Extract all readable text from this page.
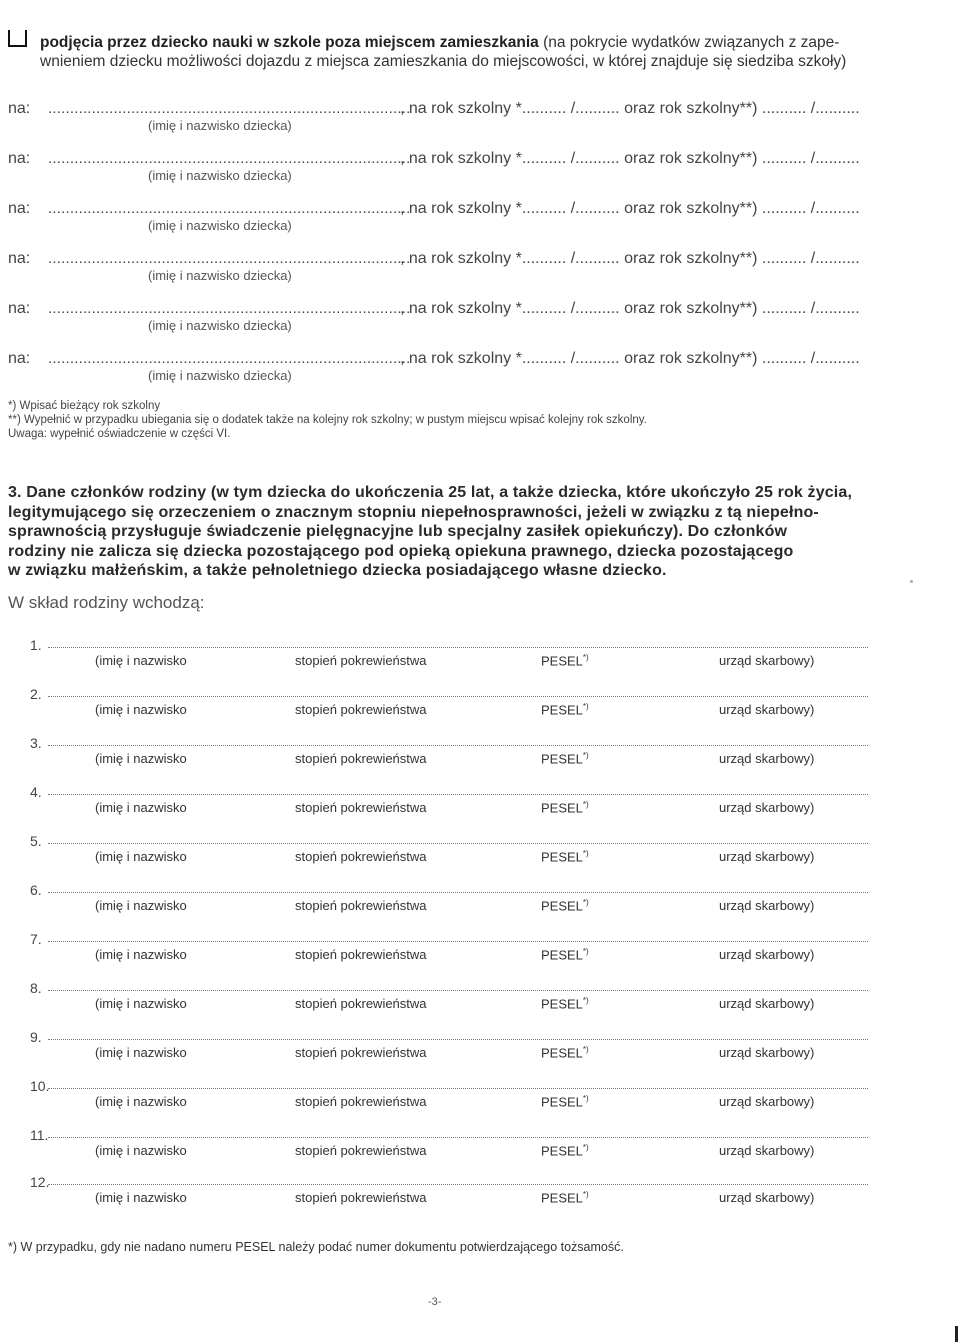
podjęcia przez dziecko nauki w szkole poza miejscem zamieszkania (na pokrycie wydatków związanych z zape-
wnieniem dziecku możliwości dojazdu z miejsca zamieszkania do miejscowości, w której znajduje się siedziba szkoły)
na: ...................................................................................
, na rok szkolny *.......... /.......... oraz rok szkolny**) .......... /..........
(imię i nazwisko dziecka)
na: ...................................................................................
, na rok szkolny *.......... /.......... oraz rok szkolny**) .......... /..........
(imię i nazwisko dziecka)
na: ...................................................................................
, na rok szkolny *.......... /.......... oraz rok szkolny**) .......... /..........
(imię i nazwisko dziecka)
na: ...................................................................................
, na rok szkolny *.......... /.......... oraz rok szkolny**) .......... /..........
(imię i nazwisko dziecka)
na: ...................................................................................
, na rok szkolny *.......... /.......... oraz rok szkolny**) .......... /..........
(imię i nazwisko dziecka)
na: ...................................................................................
, na rok szkolny *.......... /.......... oraz rok szkolny**) .......... /..........
(imię i nazwisko dziecka)
*) Wpisać bieżący rok szkolny
**) Wypełnić w przypadku ubiegania się o dodatek także na kolejny rok szkolny; w pustym miejscu wpisać kolejny rok szkolny.
Uwaga: wypełnić oświadczenie w części VI.
3. Dane członków rodziny (w tym dziecka do ukończenia 25 lat, a także dziecka, które ukończyło 25 rok życia,
legitymującego się orzeczeniem o znacznym stopniu niepełnosprawności, jeżeli w związku z tą niepełno-
sprawnością przysługuje świadczenie pielęgnacyjne lub specjalny zasiłek opiekuńczy). Do członków
rodziny nie zalicza się dziecka pozostającego pod opieką opiekuna prawnego, dziecka pozostającego
w związku małżeńskim, a także pełnoletniego dziecka posiadającego własne dziecko.
W skład rodziny wchodzą:
1.
(imię i nazwisko	stopień pokrewieństwa	PESEL*)	urząd skarbowy)
2.
(imię i nazwisko	stopień pokrewieństwa	PESEL*)	urząd skarbowy)
3.
(imię i nazwisko	stopień pokrewieństwa	PESEL*)	urząd skarbowy)
4.
(imię i nazwisko	stopień pokrewieństwa	PESEL*)	urząd skarbowy)
5.
(imię i nazwisko	stopień pokrewieństwa	PESEL*)	urząd skarbowy)
6.
(imię i nazwisko	stopień pokrewieństwa	PESEL*)	urząd skarbowy)
7.
(imię i nazwisko	stopień pokrewieństwa	PESEL*)	urząd skarbowy)
8.
(imię i nazwisko	stopień pokrewieństwa	PESEL*)	urząd skarbowy)
9.
(imię i nazwisko	stopień pokrewieństwa	PESEL*)	urząd skarbowy)
10.
(imię i nazwisko	stopień pokrewieństwa	PESEL*)	urząd skarbowy)
11.
(imię i nazwisko	stopień pokrewieństwa	PESEL*)	urząd skarbowy)
12.
(imię i nazwisko	stopień pokrewieństwa	PESEL*)	urząd skarbowy)
*) W przypadku, gdy nie nadano numeru PESEL należy podać numer dokumentu potwierdzającego tożsamość.
-3-
